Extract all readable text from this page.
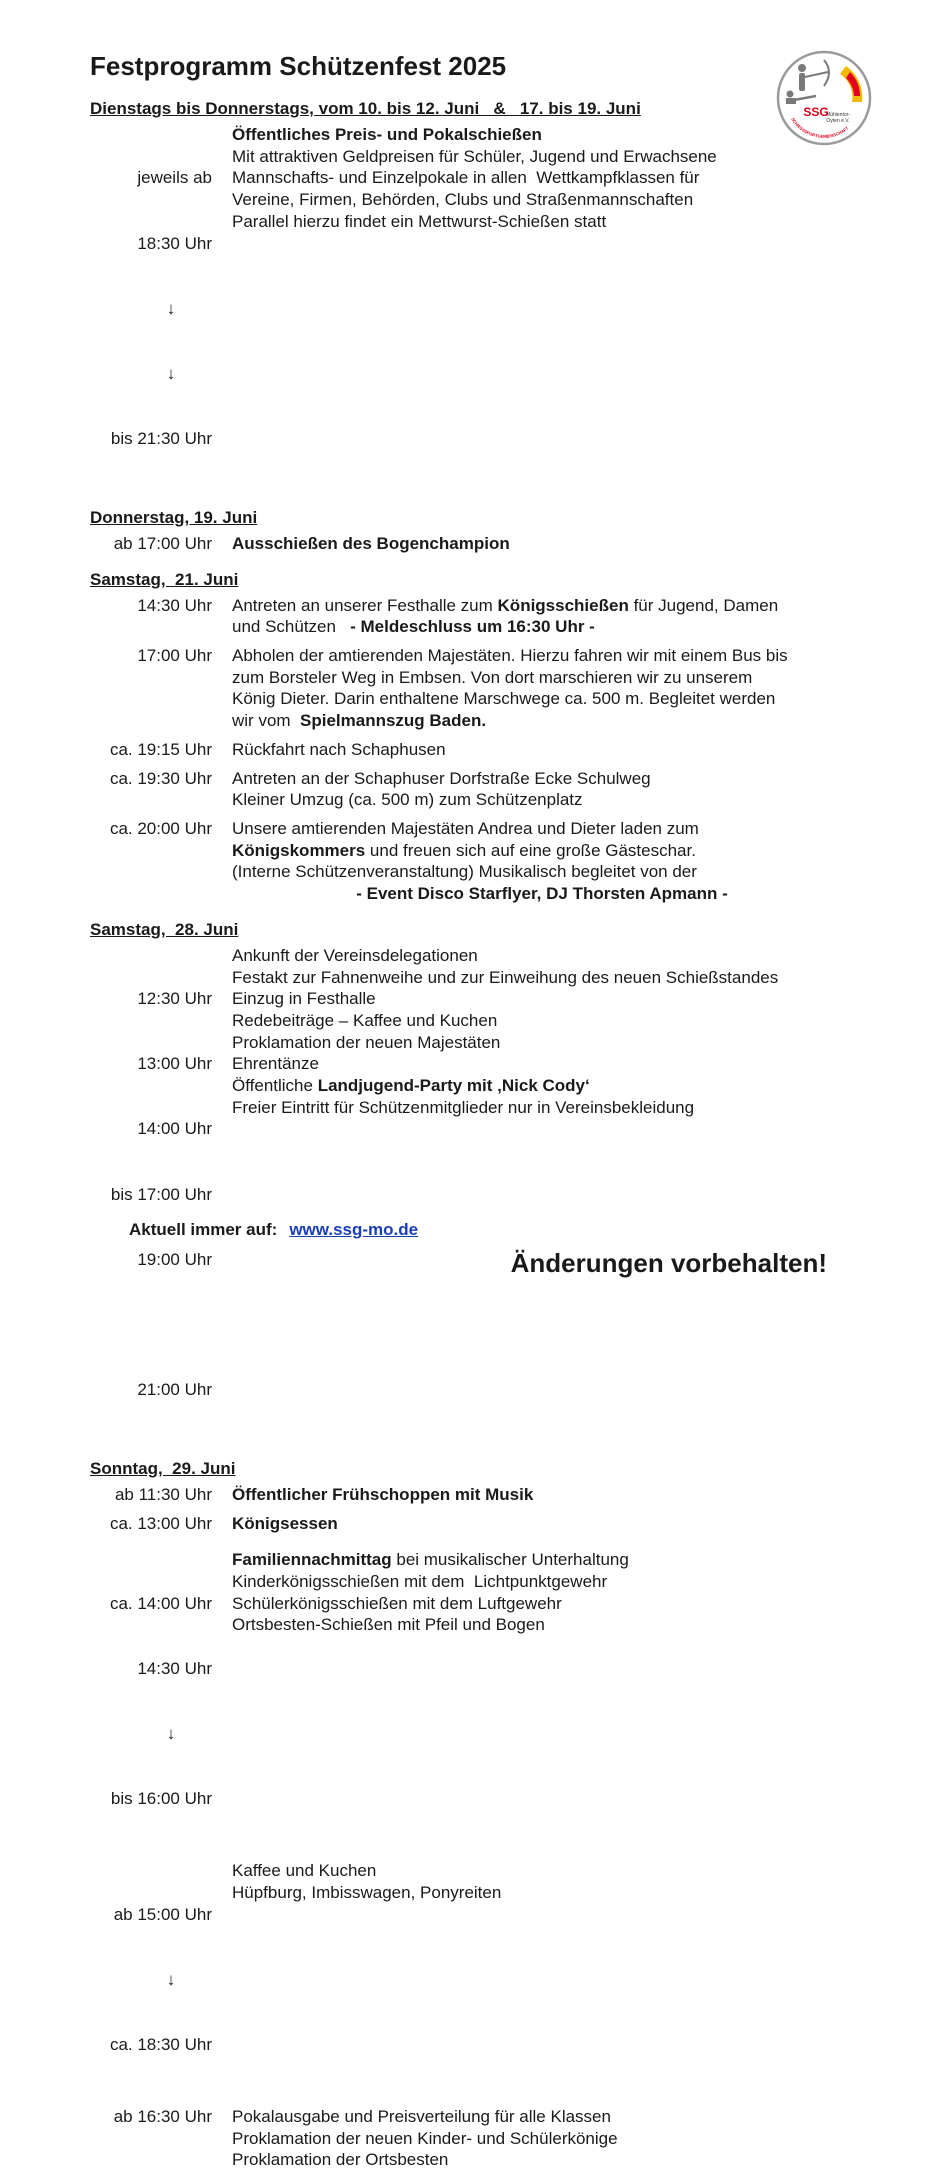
Festprogramm Schützenfest 2025
Dienstags bis Donnerstags, vom 10. bis 12. Juni   &   17. bis 19. Juni

jeweils ab

18:30 Uhr

↓

↓

bis 21:30 Uhr

Öffentliches Preis- und Pokalschießen
Mit attraktiven Geldpreisen für Schüler, Jugend und Erwachsene
Mannschafts- und Einzelpokale in allen  Wettkampfklassen für
Vereine, Firmen, Behörden, Clubs und Straßenmannschaften
Parallel hierzu findet ein Mettwurst-Schießen statt
Donnerstag, 19. Juni
ab 17:00 Uhr Ausschießen des Bogenchampion
Samstag,  21. Juni
14:30 Uhr Antreten an unserer Festhalle zum Königsschießen für Jugend, Damen
und Schützen   - Meldeschluss um 16:30 Uhr -
17:00 Uhr Abholen der amtierenden Majestäten. Hierzu fahren wir mit einem Bus bis
zum Borsteler Weg in Embsen. Von dort marschieren wir zu unserem
König Dieter. Darin enthaltene Marschwege ca. 500 m. Begleitet werden
wir vom  Spielmannszug Baden.
ca. 19:15 Uhr Rückfahrt nach Schaphusen
ca. 19:30 Uhr Antreten an der Schaphuser Dorfstraße Ecke Schulweg
Kleiner Umzug (ca. 500 m) zum Schützenplatz
ca. 20:00 Uhr Unsere amtierenden Majestäten Andrea und Dieter laden zum
Königskommers und freuen sich auf eine große Gästeschar.
(Interne Schützenveranstaltung) Musikalisch begleitet von der
- Event Disco Starflyer, DJ Thorsten Apmann -
Samstag,  28. Juni

12:30 Uhr

13:00 Uhr

14:00 Uhr

bis 17:00 Uhr

19:00 Uhr

21:00 Uhr

Ankunft der Vereinsdelegationen
Festakt zur Fahnenweihe und zur Einweihung des neuen Schießstandes
Einzug in Festhalle
Redebeiträge – Kaffee und Kuchen
Proklamation der neuen Majestäten
Ehrentänze
Öffentliche Landjugend-Party mit ‚Nick Cody‘
Freier Eintritt für Schützenmitglieder nur in Vereinsbekleidung
Sonntag,  29. Juni
ab 11:30 Uhr Öffentlicher Frühschoppen mit Musik
ca. 13:00 Uhr Königsessen

ca. 14:00 Uhr

14:30 Uhr

↓

bis 16:00 Uhr

Familiennachmittag bei musikalischer Unterhaltung
Kinderkönigsschießen mit dem  Lichtpunktgewehr
Schülerkönigsschießen mit dem Luftgewehr
Ortsbesten-Schießen mit Pfeil und Bogen

ab 15:00 Uhr

↓

ca. 18:30 Uhr

Kaffee und Kuchen
Hüpfburg, Imbisswagen, Ponyreiten
ab 16:30 Uhr Pokalausgabe und Preisverteilung für alle Klassen
Proklamation der neuen Kinder- und Schülerkönige
Proklamation der Ortsbesten
SSG
Mühlentor-
Oyten e.V.
SCHIESSSPORTGEMEINSCHAFT
Aktuell immer auf: www.ssg-mo.de
Änderungen vorbehalten!
